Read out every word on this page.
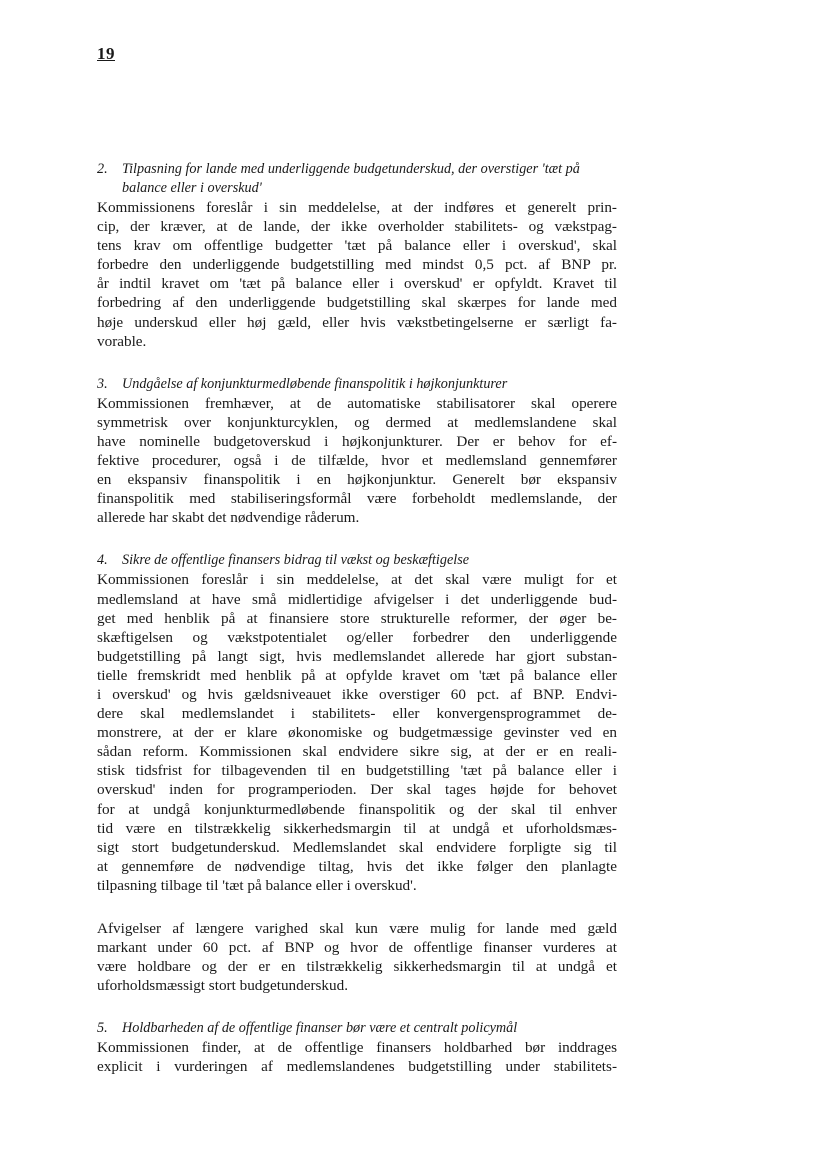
19

2. Tilpasning for lande med underliggende budgetunderskud, der overstiger 'tæt på
balance eller i overskud'

Kommissionens foreslår i sin meddelelse, at der indføres et generelt prin-
cip, der kræver, at de lande, der ikke overholder stabilitets- og vækstpag-
tens krav om offentlige budgetter 'tæt på balance eller i overskud', skal
forbedre den underliggende budgetstilling med mindst 0,5 pct. af BNP pr.
år indtil kravet om 'tæt på balance eller i overskud' er opfyldt. Kravet til
forbedring af den underliggende budgetstilling skal skærpes for lande med
høje underskud eller høj gæld, eller hvis vækstbetingelserne er særligt fa-
vorable.

3. Undgåelse af konjunkturmedløbende finanspolitik i højkonjunkturer

Kommissionen fremhæver, at de automatiske stabilisatorer skal operere
symmetrisk over konjunkturcyklen, og dermed at medlemslandene skal
have nominelle budgetoverskud i højkonjunkturer. Der er behov for ef-
fektive procedurer, også i de tilfælde, hvor et medlemsland gennemfører
en ekspansiv finanspolitik i en højkonjunktur. Generelt bør ekspansiv
finanspolitik med stabiliseringsformål være forbeholdt medlemslande, der
allerede har skabt det nødvendige råderum.

4. Sikre de offentlige finansers bidrag til vækst og beskæftigelse

Kommissionen foreslår i sin meddelelse, at det skal være muligt for et
medlemsland at have små midlertidige afvigelser i det underliggende bud-
get med henblik på at finansiere store strukturelle reformer, der øger be-
skæftigelsen og vækstpotentialet og/eller forbedrer den underliggende
budgetstilling på langt sigt, hvis medlemslandet allerede har gjort substan-
tielle fremskridt med henblik på at opfylde kravet om 'tæt på balance eller
i overskud' og hvis gældsniveauet ikke overstiger 60 pct. af BNP. Endvi-
dere skal medlemslandet i stabilitets- eller konvergensprogrammet de-
monstrere, at der er klare økonomiske og budgetmæssige gevinster ved en
sådan reform. Kommissionen skal endvidere sikre sig, at der er en reali-
stisk tidsfrist for tilbagevenden til en budgetstilling 'tæt på balance eller i
overskud' inden for programperioden. Der skal tages højde for behovet
for at undgå konjunkturmedløbende finanspolitik og der skal til enhver
tid være en tilstrækkelig sikkerhedsmargin til at undgå et uforholdsmæs-
sigt stort budgetunderskud. Medlemslandet skal endvidere forpligte sig til
at gennemføre de nødvendige tiltag, hvis det ikke følger den planlagte
tilpasning tilbage til 'tæt på balance eller i overskud'.
Afvigelser af længere varighed skal kun være mulig for lande med gæld
markant under 60 pct. af BNP og hvor de offentlige finanser vurderes at
være holdbare og der er en tilstrækkelig sikkerhedsmargin til at undgå et
uforholdsmæssigt stort budgetunderskud.

5. Holdbarheden af de offentlige finanser bør være et centralt policymål

Kommissionen finder, at de offentlige finansers holdbarhed bør inddrages
explicit i vurderingen af medlemslandenes budgetstilling under stabilitets-
